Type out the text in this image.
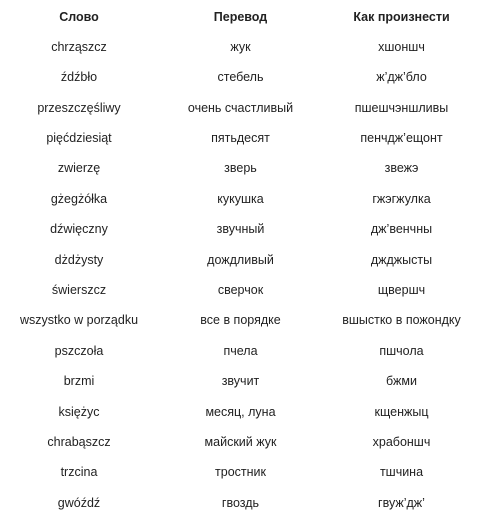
Слово	Перевод	Как произнести
chrząszcz	жук	хшоншч
źdźbło	стебель	ж’дж’бло
przeszczęśliwy	очень счастливый	пшешчэншливы
pięćdziesiąt	пятьдесят	пенчдж’ещонт
zwierzę	зверь	звежэ
gżegżółka	кукушка	гжэгжулка
dźwięczny	звучный	дж’венчны
dżdżysty	дождливый	джджысты
świerszcz	сверчок	щвершч
wszystko w porządku	все в порядке	вшысткo в пожондку
pszczoła	пчела	пшчола
brzmi	звучит	бжми
księżyc	месяц, луна	кщенжыц
chrabąszcz	майский жук	храбоншч
trzcina	тростник	тшчина
gwóźdź	гвоздь	гвуж’дж’
